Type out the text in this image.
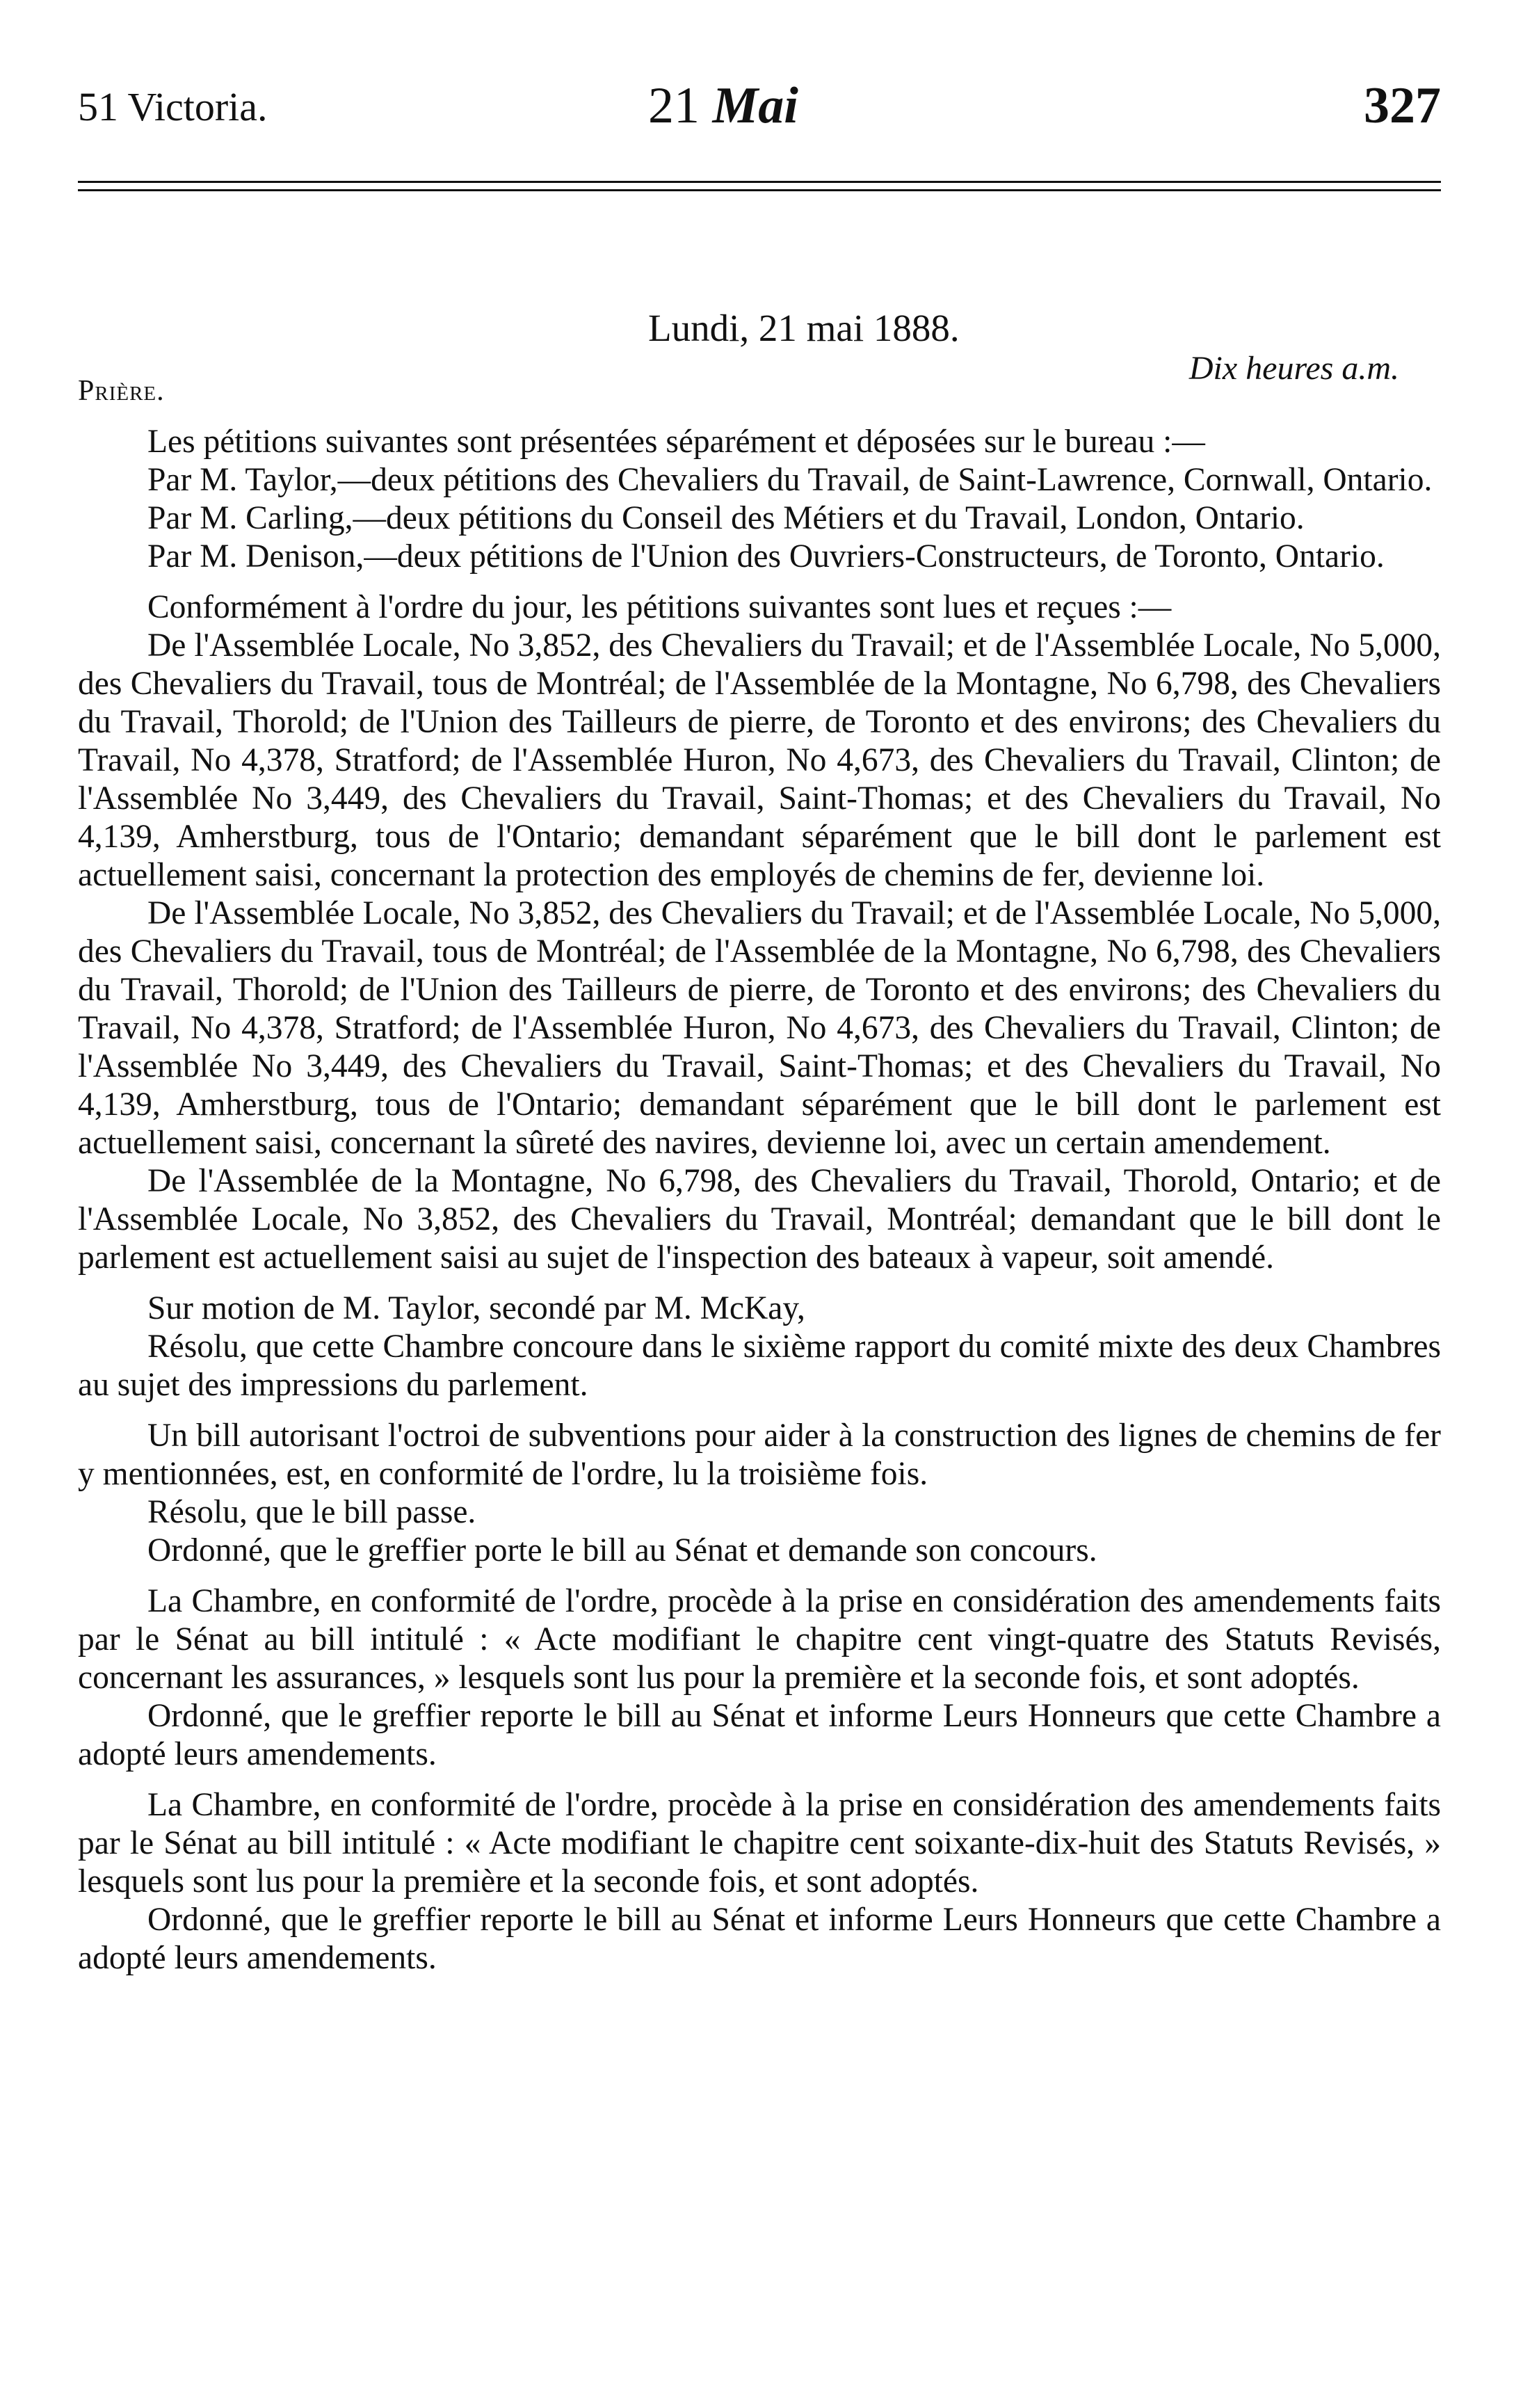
51 Victoria.	21 Mai	327
Lundi, 21 mai 1888.
Dix heures a.m.
Prière.

Les pétitions suivantes sont présentées séparément et déposées sur le bureau :—

Par M. Taylor,—deux pétitions des Chevaliers du Travail, de Saint-Lawrence, Cornwall, Ontario.

Par M. Carling,—deux pétitions du Conseil des Métiers et du Travail, London, Ontario.

Par M. Denison,—deux pétitions de l'Union des Ouvriers-Constructeurs, de Toronto, Ontario.

Conformément à l'ordre du jour, les pétitions suivantes sont lues et reçues :—

De l'Assemblée Locale, No 3,852, des Chevaliers du Travail; et de l'Assemblée Locale, No 5,000, des Chevaliers du Travail, tous de Montréal; de l'Assemblée de la Montagne, No 6,798, des Chevaliers du Travail, Thorold; de l'Union des Tailleurs de pierre, de Toronto et des environs; des Chevaliers du Travail, No 4,378, Stratford; de l'Assemblée Huron, No 4,673, des Chevaliers du Travail, Clinton; de l'Assemblée No 3,449, des Chevaliers du Travail, Saint-Thomas; et des Chevaliers du Travail, No 4,139, Amherstburg, tous de l'Ontario; demandant séparément que le bill dont le parlement est actuellement saisi, concernant la protection des employés de chemins de fer, devienne loi.

De l'Assemblée Locale, No 3,852, des Chevaliers du Travail; et de l'Assemblée Locale, No 5,000, des Chevaliers du Travail, tous de Montréal; de l'Assemblée de la Montagne, No 6,798, des Chevaliers du Travail, Thorold; de l'Union des Tailleurs de pierre, de Toronto et des environs; des Chevaliers du Travail, No 4,378, Stratford; de l'Assemblée Huron, No 4,673, des Chevaliers du Travail, Clinton; de l'Assemblée No 3,449, des Chevaliers du Travail, Saint-Thomas; et des Chevaliers du Travail, No 4,139, Amherstburg, tous de l'Ontario; demandant séparément que le bill dont le parlement est actuellement saisi, concernant la sûreté des navires, devienne loi, avec un certain amendement.

De l'Assemblée de la Montagne, No 6,798, des Chevaliers du Travail, Thorold, Ontario; et de l'Assemblée Locale, No 3,852, des Chevaliers du Travail, Montréal; demandant que le bill dont le parlement est actuellement saisi au sujet de l'inspection des bateaux à vapeur, soit amendé.

Sur motion de M. Taylor, secondé par M. McKay,

Résolu, que cette Chambre concoure dans le sixième rapport du comité mixte des deux Chambres au sujet des impressions du parlement.

Un bill autorisant l'octroi de subventions pour aider à la construction des lignes de chemins de fer y mentionnées, est, en conformité de l'ordre, lu la troisième fois.

Résolu, que le bill passe.

Ordonné, que le greffier porte le bill au Sénat et demande son concours.

La Chambre, en conformité de l'ordre, procède à la prise en considération des amendements faits par le Sénat au bill intitulé : « Acte modifiant le chapitre cent vingt-quatre des Statuts Revisés, concernant les assurances, » lesquels sont lus pour la première et la seconde fois, et sont adoptés.

Ordonné, que le greffier reporte le bill au Sénat et informe Leurs Honneurs que cette Chambre a adopté leurs amendements.

La Chambre, en conformité de l'ordre, procède à la prise en considération des amendements faits par le Sénat au bill intitulé : « Acte modifiant le chapitre cent soixante-dix-huit des Statuts Revisés, » lesquels sont lus pour la première et la seconde fois, et sont adoptés.

Ordonné, que le greffier reporte le bill au Sénat et informe Leurs Honneurs que cette Chambre a adopté leurs amendements.
